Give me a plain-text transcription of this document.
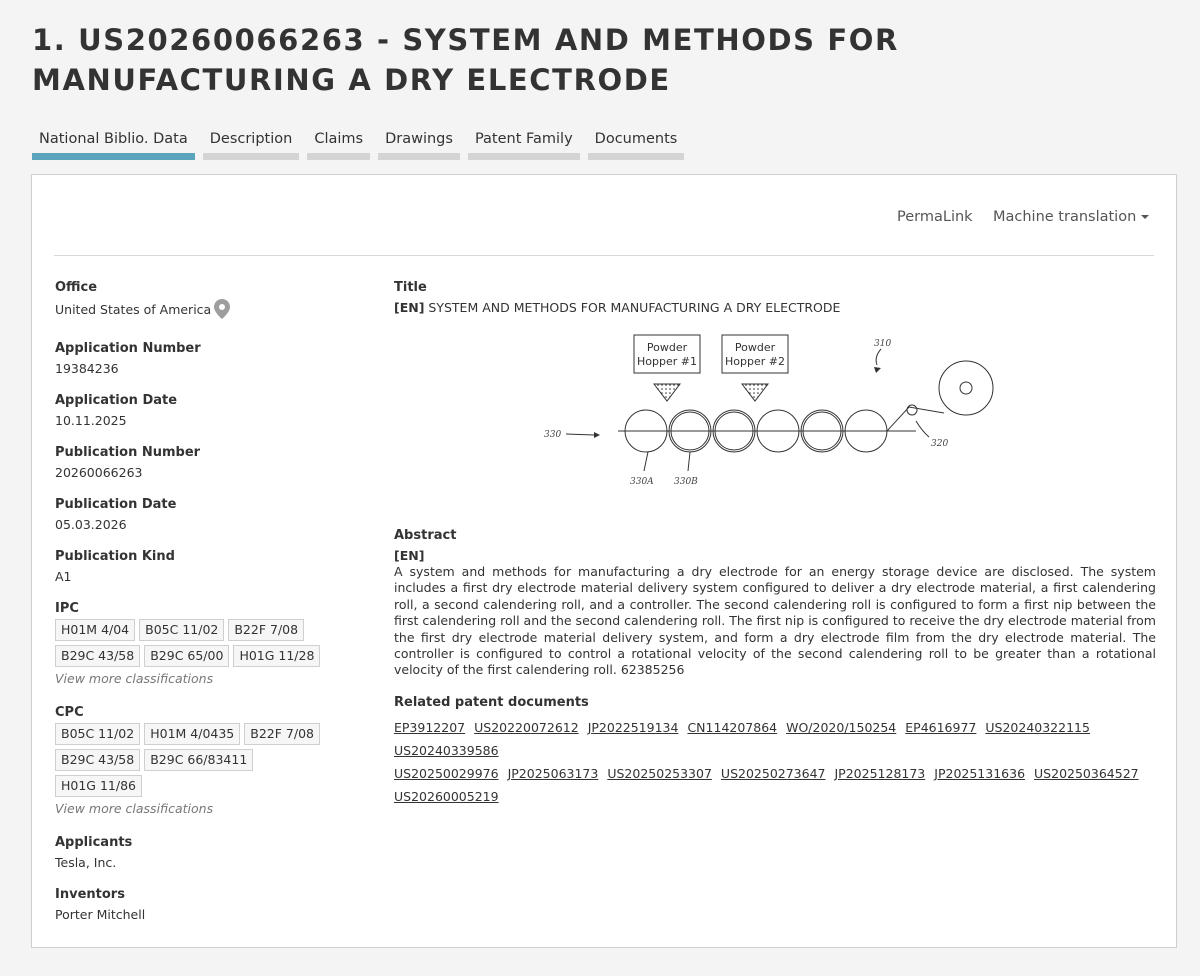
1. US20260066263 - SYSTEM AND METHODS FOR MANUFACTURING A DRY ELECTRODE
National Biblio. Data	Description	Claims	Drawings	Patent Family	Documents
PermaLink Machine translation
Office
United States of America
Application Number
19384236
Application Date
10.11.2025
Publication Number
20260066263
Publication Date
05.03.2026
Publication Kind
A1
IPC
H01M 4/04	B05C 11/02	B22F 7/08
B29C 43/58	B29C 65/00	H01G 11/28
View more classifications
CPC
B05C 11/02	H01M 4/0435	B22F 7/08
B29C 43/58	B29C 66/83411
H01G 11/86
View more classifications
Applicants
Tesla, Inc.
Inventors
Porter Mitchell
Title
[EN] SYSTEM AND METHODS FOR MANUFACTURING A DRY ELECTRODE
Powder
Hopper #1
Powder
Hopper #2
310
320
330
330A 330B
Abstract
[EN]
A system and methods for manufacturing a dry electrode for an energy storage device are disclosed. The system includes a first dry electrode material delivery system configured to deliver a dry electrode material, a first calendering roll, a second calendering roll, and a controller. The second calendering roll is configured to form a first nip between the first calendering roll and the second calendering roll. The first nip is configured to receive the dry electrode material from the first dry electrode material delivery system, and form a dry electrode film from the dry electrode material. The controller is configured to control a rotational velocity of the second calendering roll to be greater than a rotational velocity of the first calendering roll. 62385256
Related patent documents
EP3912207 US20220072612 JP2022519134 CN114207864 WO/2020/150254 EP4616977 US20240322115US20240339586
US20250029976 JP2025063173 US20250253307 US20250273647 JP2025128173 JP2025131636 US20250364527
US20260005219
